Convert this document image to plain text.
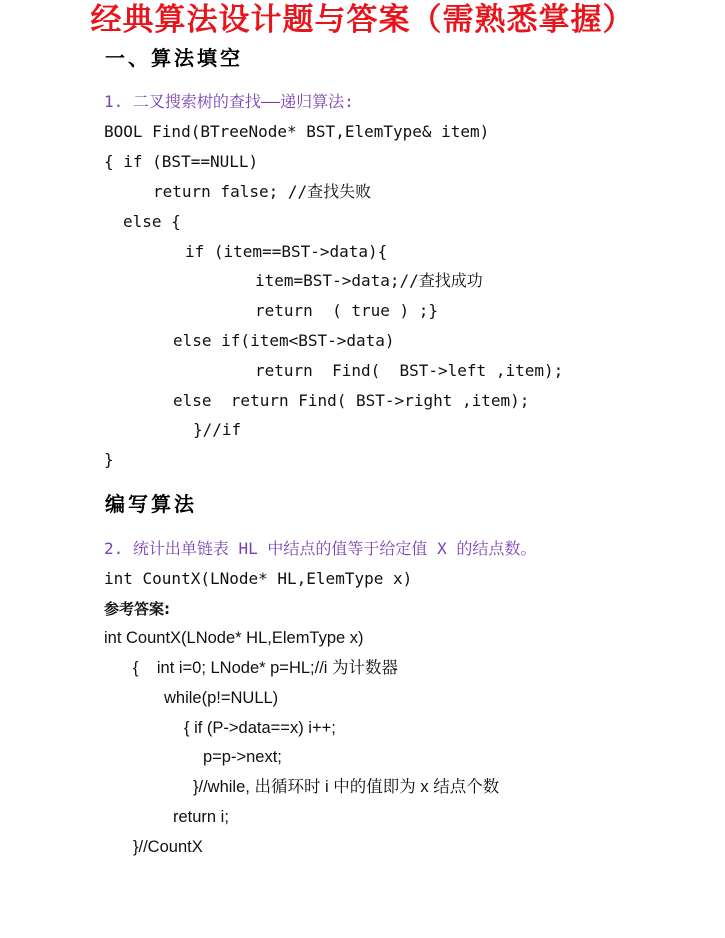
经典算法设计题与答案（需熟悉掌握）
一、算法填空
1. 二叉搜索树的查找——递归算法:
BOOL Find(BTreeNode* BST,ElemType& item)
{ if (BST==NULL)
return false; //查找失败
else {
if (item==BST->data){
item=BST->data;//查找成功
return  ( true ) ;}
else if(item<BST->data)
return  Find(  BST->left ,item);
else  return Find( BST->right ,item);
}//if
}
编写算法
2. 统计出单链表 HL 中结点的值等于给定值 X 的结点数。
int CountX(LNode* HL,ElemType x)
参考答案:
int CountX(LNode* HL,ElemType x)
{    int i=0; LNode* p=HL;//i 为计数器
while(p!=NULL)
{ if (P->data==x) i++;
p=p->next;
}//while, 出循环时 i 中的值即为 x 结点个数
return i;
}//CountX
